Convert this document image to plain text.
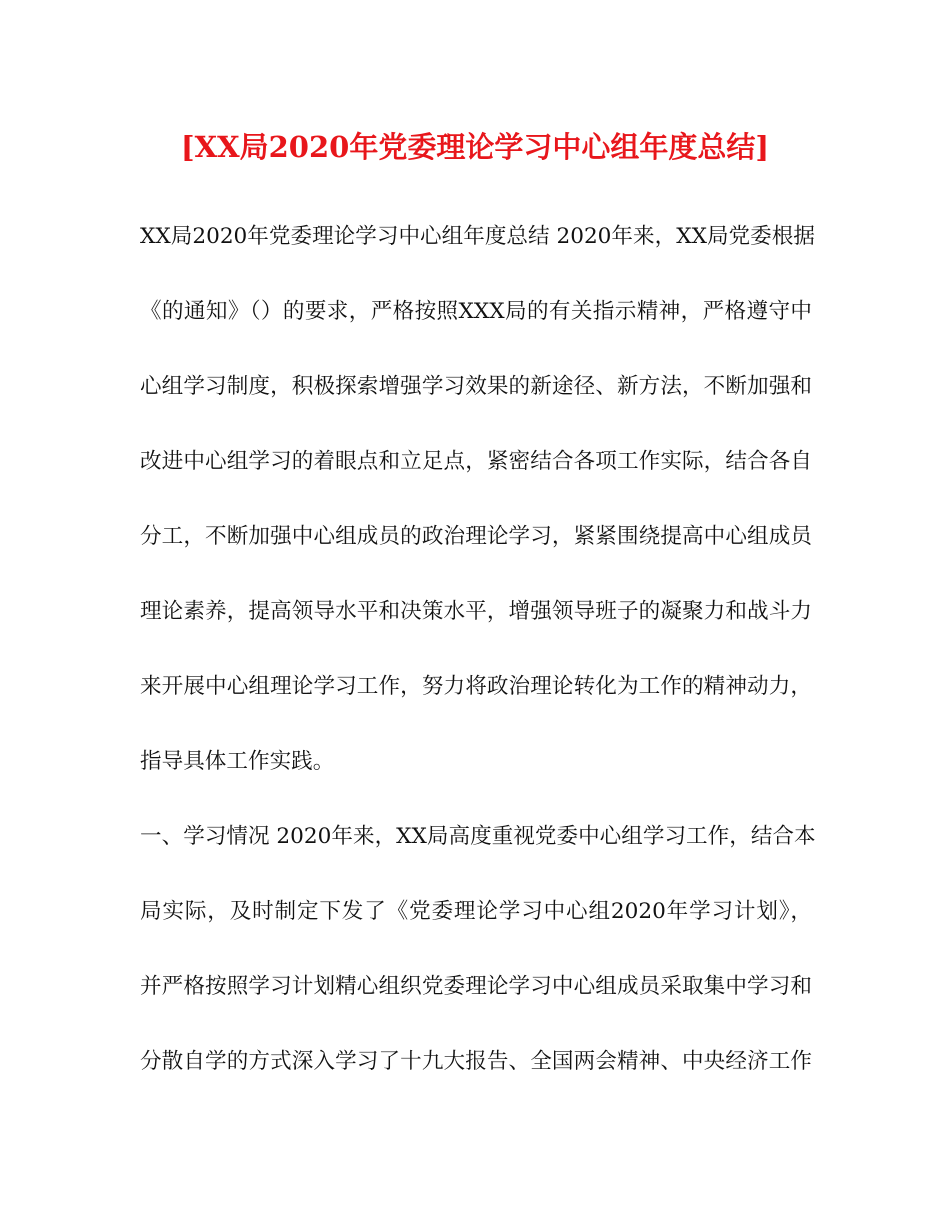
[XX局2020年党委理论学习中心组年度总结]

XX局2020年党委理论学习中心组年度总结 2020年来，XX局党委根据

《的通知》（）的要求，严格按照XXX局的有关指示精神，严格遵守中

心组学习制度，积极探索增强学习效果的新途径、新方法，不断加强和

改进中心组学习的着眼点和立足点，紧密结合各项工作实际，结合各自

分工，不断加强中心组成员的政治理论学习，紧紧围绕提高中心组成员

理论素养，提高领导水平和决策水平，增强领导班子的凝聚力和战斗力

来开展中心组理论学习工作，努力将政治理论转化为工作的精神动力，

指导具体工作实践。

一、学习情况 2020年来，XX局高度重视党委中心组学习工作，结合本

局实际，及时制定下发了《党委理论学习中心组2020年学习计划》，

并严格按照学习计划精心组织党委理论学习中心组成员采取集中学习和

分散自学的方式深入学习了十九大报告、全国两会精神、中央经济工作
